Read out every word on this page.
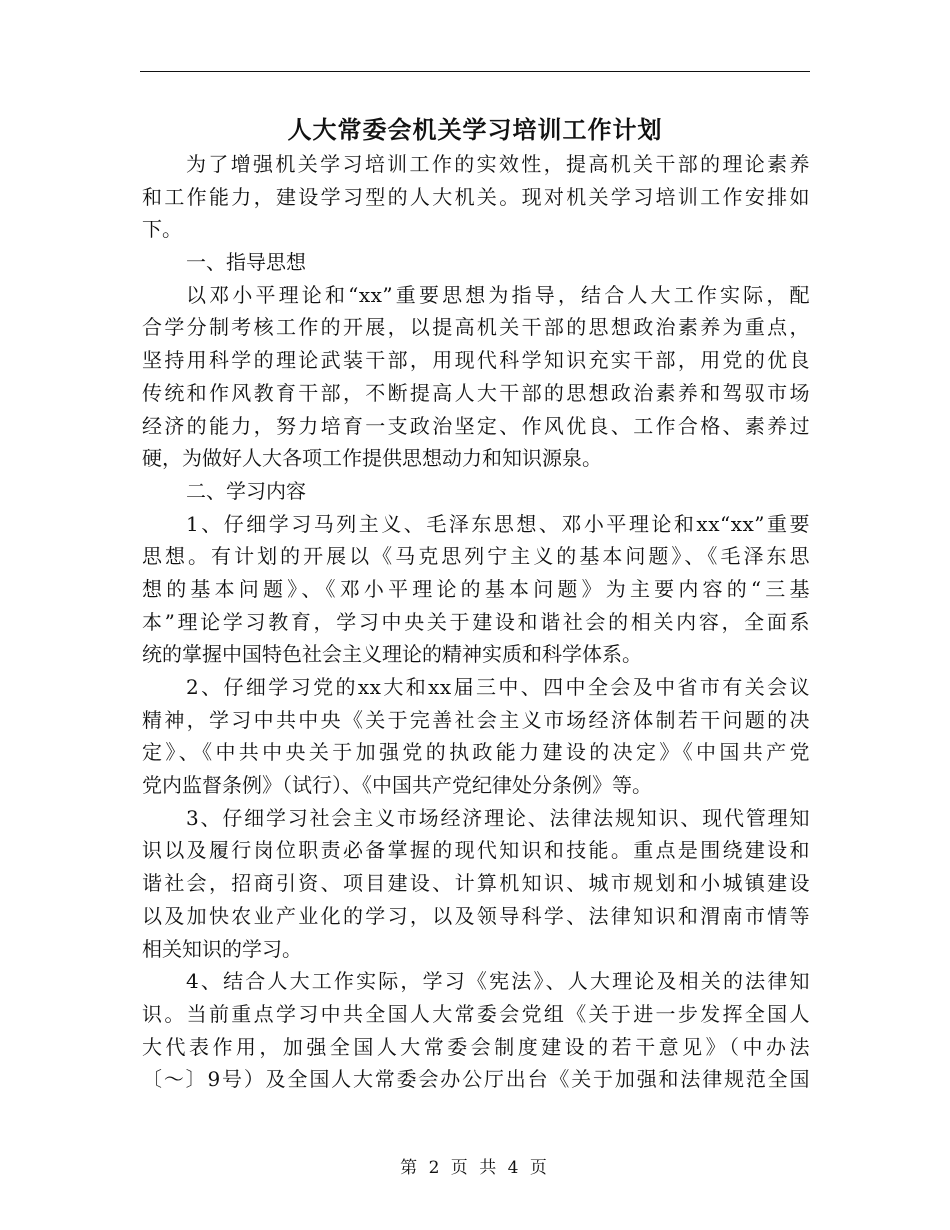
人大常委会机关学习培训工作计划
为了增强机关学习培训工作的实效性，提高机关干部的理论素养
和工作能力，建设学习型的人大机关。现对机关学习培训工作安排如
下。
一、指导思想
以邓小平理论和“xx”重要思想为指导，结合人大工作实际，配
合学分制考核工作的开展，以提高机关干部的思想政治素养为重点，
坚持用科学的理论武装干部，用现代科学知识充实干部，用党的优良
传统和作风教育干部，不断提高人大干部的思想政治素养和驾驭市场
经济的能力，努力培育一支政治坚定、作风优良、工作合格、素养过
硬，为做好人大各项工作提供思想动力和知识源泉。
二、学习内容
1、仔细学习马列主义、毛泽东思想、邓小平理论和xx“xx”重要
思想。有计划的开展以《马克思列宁主义的基本问题》、《毛泽东思
想的基本问题》、《邓小平理论的基本问题》为主要内容的“三基
本”理论学习教育，学习中央关于建设和谐社会的相关内容，全面系
统的掌握中国特色社会主义理论的精神实质和科学体系。
2、仔细学习党的xx大和xx届三中、四中全会及中省市有关会议
精神，学习中共中央《关于完善社会主义市场经济体制若干问题的决
定》、《中共中央关于加强党的执政能力建设的决定》《中国共产党
党内监督条例》（试行）、《中国共产党纪律处分条例》等。
3、仔细学习社会主义市场经济理论、法律法规知识、现代管理知
识以及履行岗位职责必备掌握的现代知识和技能。重点是围绕建设和
谐社会，招商引资、项目建设、计算机知识、城市规划和小城镇建设
以及加快农业产业化的学习，以及领导科学、法律知识和渭南市情等
相关知识的学习。
4、结合人大工作实际，学习《宪法》、人大理论及相关的法律知
识。当前重点学习中共全国人大常委会党组《关于进一步发挥全国人
大代表作用，加强全国人大常委会制度建设的若干意见》（中办法
〔～〕9号）及全国人大常委会办公厅出台《关于加强和法律规范全国
第 2 页 共 4 页
